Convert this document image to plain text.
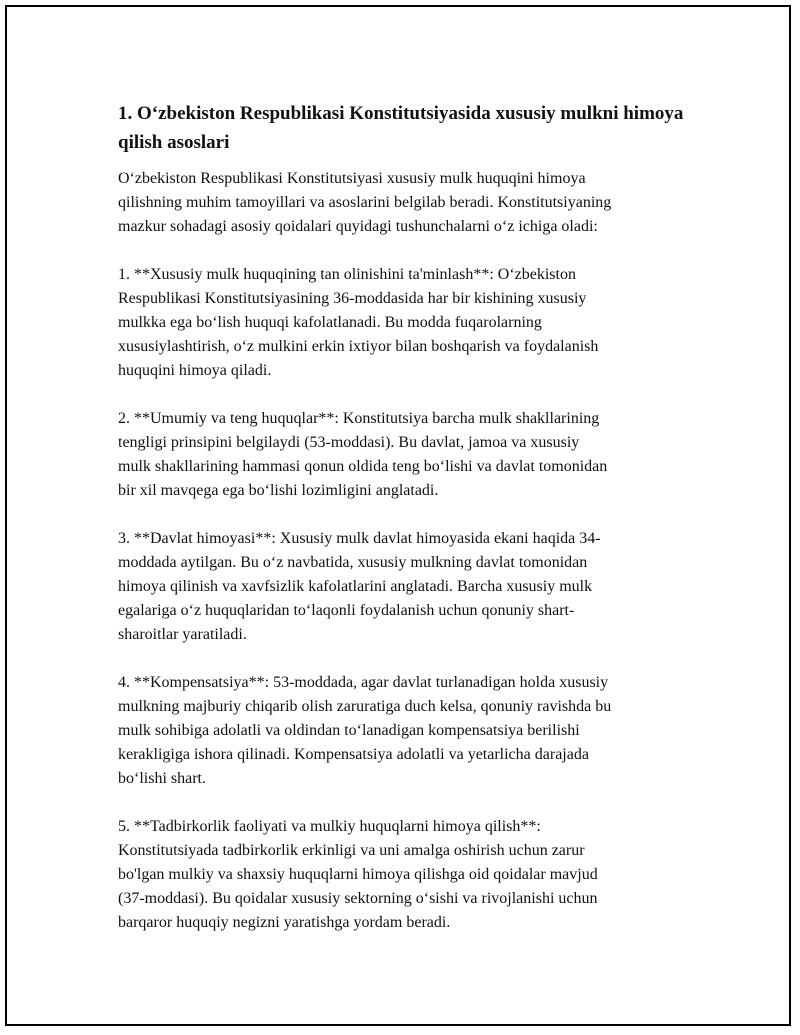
1. O‘zbekiston Respublikasi Konstitutsiyasida xususiy mulkni himoya qilish asoslari

O‘zbekiston Respublikasi Konstitutsiyasi xususiy mulk huquqini himoya
qilishning muhim tamoyillari va asoslarini belgilab beradi. Konstitutsiyaning
mazkur sohadagi asosiy qoidalari quyidagi tushunchalarni o‘z ichiga oladi:

1. **Xususiy mulk huquqining tan olinishini ta'minlash**: O‘zbekiston
Respublikasi Konstitutsiyasining 36-moddasida har bir kishining xususiy
mulkka ega bo‘lish huquqi kafolatlanadi. Bu modda fuqarolarning
xususiylashtirish, o‘z mulkini erkin ixtiyor bilan boshqarish va foydalanish
huquqini himoya qiladi.

2. **Umumiy va teng huquqlar**: Konstitutsiya barcha mulk shakllarining
tengligi prinsipini belgilaydi (53-moddasi). Bu davlat, jamoa va xususiy
mulk shakllarining hammasi qonun oldida teng bo‘lishi va davlat tomonidan
bir xil mavqega ega bo‘lishi lozimligini anglatadi.

3. **Davlat himoyasi**: Xususiy mulk davlat himoyasida ekani haqida 34-
moddada aytilgan. Bu o‘z navbatida, xususiy mulkning davlat tomonidan
himoya qilinish va xavfsizlik kafolatlarini anglatadi. Barcha xususiy mulk
egalariga o‘z huquqlaridan to‘laqonli foydalanish uchun qonuniy shart-
sharoitlar yaratiladi.

4. **Kompensatsiya**: 53-moddada, agar davlat turlanadigan holda xususiy
mulkning majburiy chiqarib olish zaruratiga duch kelsa, qonuniy ravishda bu
mulk sohibiga adolatli va oldindan to‘lanadigan kompensatsiya berilishi
kerakligiga ishora qilinadi. Kompensatsiya adolatli va yetarlicha darajada
bo‘lishi shart.

5. **Tadbirkorlik faoliyati va mulkiy huquqlarni himoya qilish**:
Konstitutsiyada tadbirkorlik erkinligi va uni amalga oshirish uchun zarur
bo'lgan mulkiy va shaxsiy huquqlarni himoya qilishga oid qoidalar mavjud
(37-moddasi). Bu qoidalar xususiy sektorning o‘sishi va rivojlanishi uchun
barqaror huquqiy negizni yaratishga yordam beradi.
